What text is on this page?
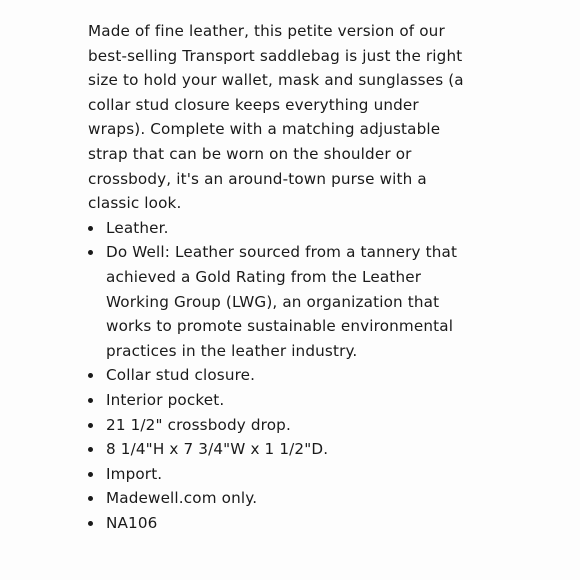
Made of fine leather, this petite version of our best-selling Transport saddlebag is just the right size to hold your wallet, mask and sunglasses (a collar stud closure keeps everything under wraps). Complete with a matching adjustable strap that can be worn on the shoulder or crossbody, it's an around-town purse with a classic look.

Leather.
Do Well: Leather sourced from a tannery that achieved a Gold Rating from the Leather Working Group (LWG), an organization that works to promote sustainable environmental practices in the leather industry.
Collar stud closure.
Interior pocket.
21 1/2" crossbody drop.
8 1/4"H x 7 3/4"W x 1 1/2"D.
Import.
Madewell.com only.
NA106
